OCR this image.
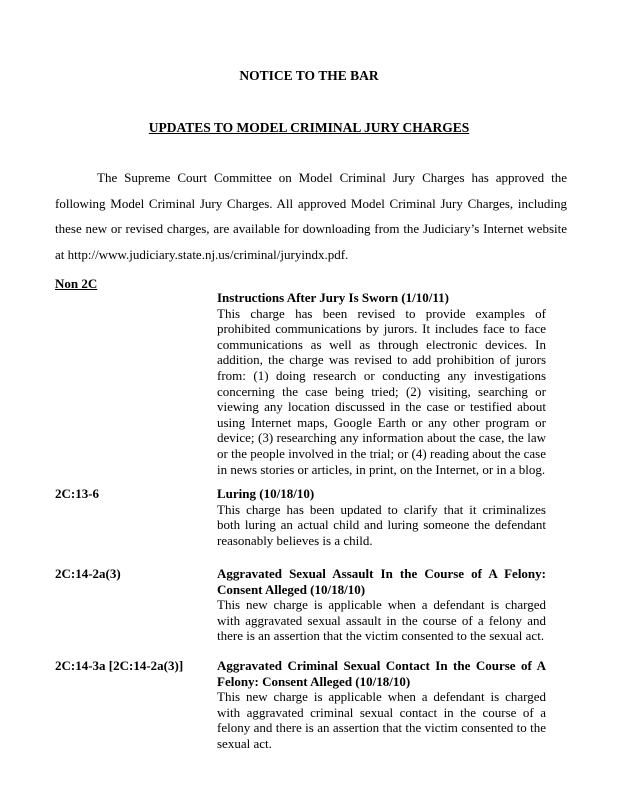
NOTICE TO THE BAR
UPDATES TO MODEL CRIMINAL JURY CHARGES

The Supreme Court Committee on Model Criminal Jury Charges has approved the following Model Criminal Jury Charges. All approved Model Criminal Jury Charges, including these new or revised charges, are available for downloading from the Judiciary’s Internet website at http://www.judiciary.state.nj.us/criminal/juryindx.pdf.

Non 2C
Instructions After Jury Is Sworn (1/10/11)
This charge has been revised to provide examples of prohibited communications by jurors. It includes face to face communications as well as through electronic devices. In addition, the charge was revised to add prohibition of jurors from: (1) doing research or conducting any investigations concerning the case being tried; (2) visiting, searching or viewing any location discussed in the case or testified about using Internet maps, Google Earth or any other program or device; (3) researching any information about the case, the law or the people involved in the trial; or (4) reading about the case in news stories or articles, in print, on the Internet, or in a blog.
2C:13-6	Luring (10/18/10)
This charge has been updated to clarify that it criminalizes both luring an actual child and luring someone the defendant reasonably believes is a child.
2C:14-2a(3)	Aggravated Sexual Assault In the Course of A Felony: Consent Alleged (10/18/10)
This new charge is applicable when a defendant is charged with aggravated sexual assault in the course of a felony and there is an assertion that the victim consented to the sexual act.
2C:14-3a [2C:14-2a(3)]	Aggravated Criminal Sexual Contact In the Course of A Felony: Consent Alleged (10/18/10)
This new charge is applicable when a defendant is charged with aggravated criminal sexual contact in the course of a felony and there is an assertion that the victim consented to the sexual act.
